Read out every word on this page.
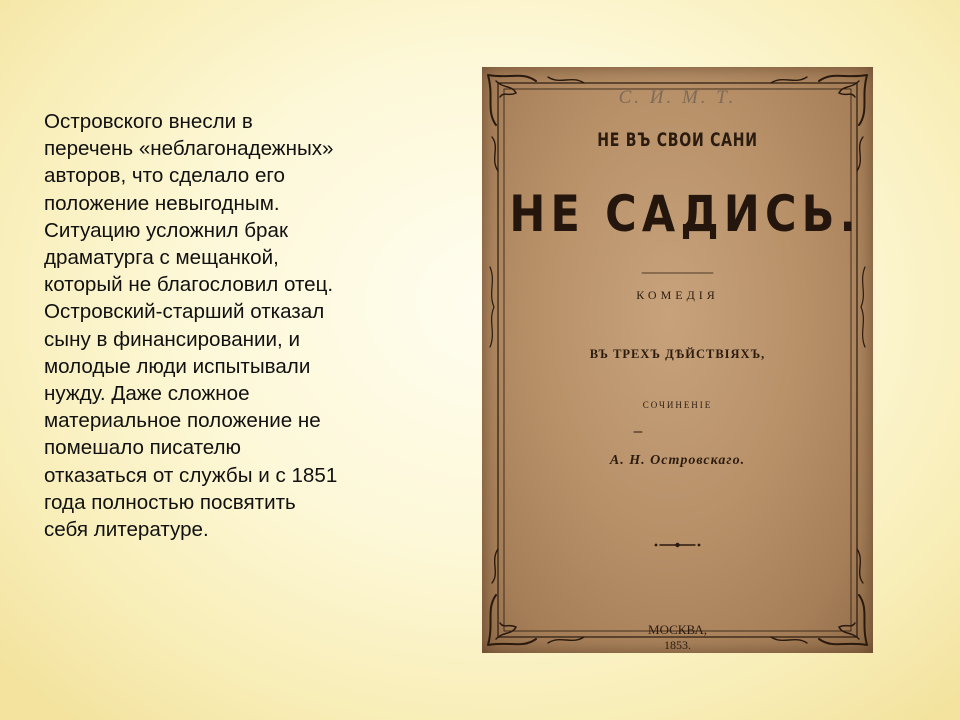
Островского внесли в
перечень «неблагонадежных»
авторов, что сделало его
положение невыгодным.
Ситуацию усложнил брак
драматурга с мещанкой,
который не благословил отец.
Островский-старший отказал
сыну в финансировании, и
молодые люди испытывали
нужду. Даже сложное
материальное положение не
помешало писателю
отказаться от службы и с 1851
года полностью посвятить
себя литературе.

С. И. М. Т.

НЕ ВЪ СВОИ САНИ

НЕ САДИСЬ.

КОМЕДІЯ

ВЪ ТРЕХЪ ДѢЙСТВІЯХЪ,

СОЧИНЕНІЕ

А. Н. Островскаго.

МОСКВА,

1853.
